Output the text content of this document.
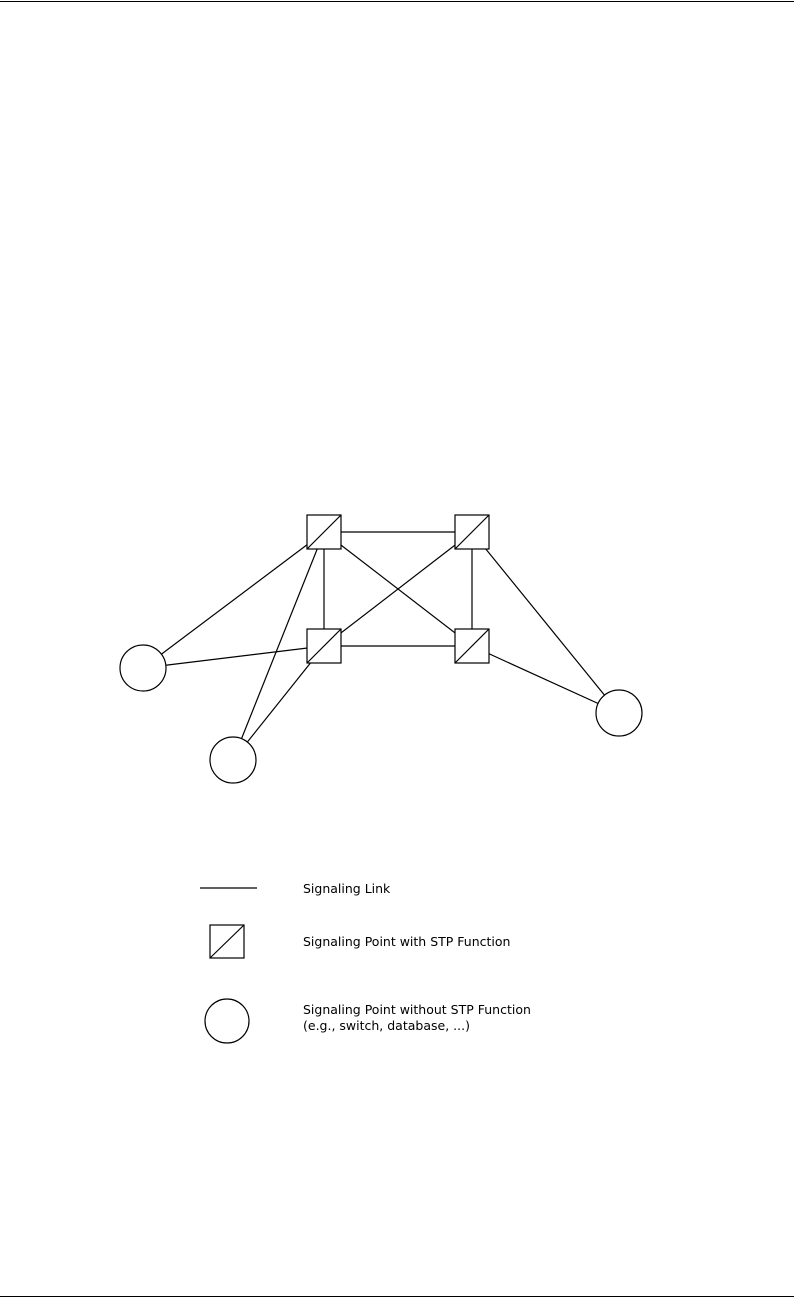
Signaling Link
Signaling Point with STP Function
Signaling Point without STP Function
(e.g., switch, database, ...)
